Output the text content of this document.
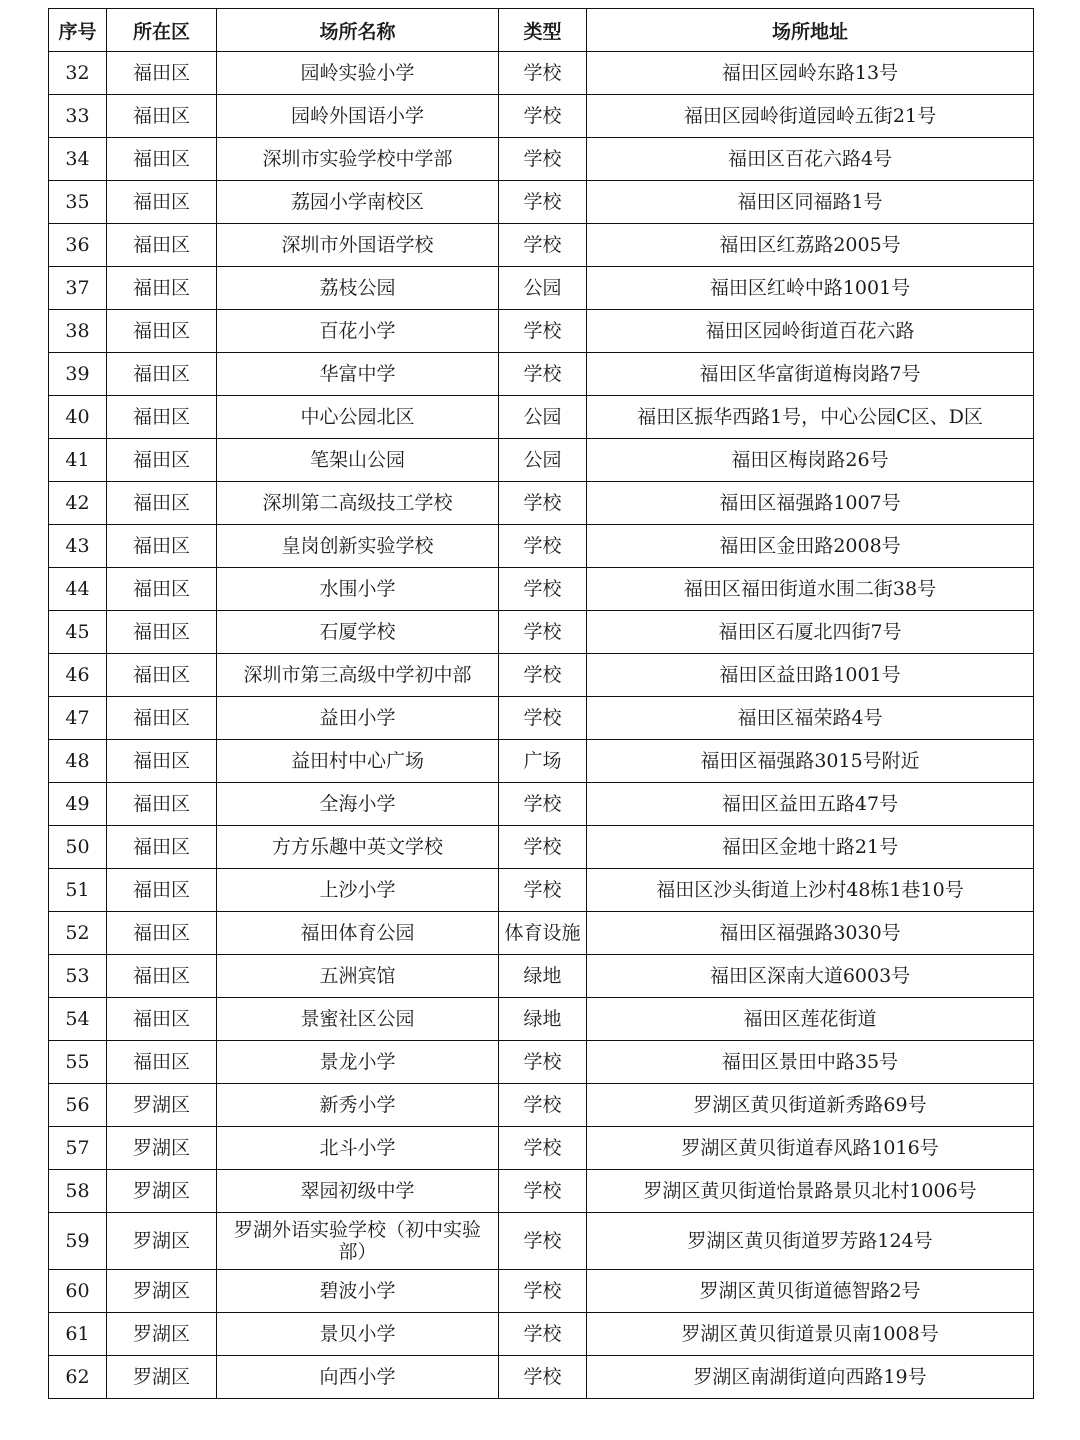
序号	所在区	场所名称	类型	场所地址
32	福田区	园岭实验小学	学校	福田区园岭东路13号
33	福田区	园岭外国语小学	学校	福田区园岭街道园岭五街21号
34	福田区	深圳市实验学校中学部	学校	福田区百花六路4号
35	福田区	荔园小学南校区	学校	福田区同福路1号
36	福田区	深圳市外国语学校	学校	福田区红荔路2005号
37	福田区	荔枝公园	公园	福田区红岭中路1001号
38	福田区	百花小学	学校	福田区园岭街道百花六路
39	福田区	华富中学	学校	福田区华富街道梅岗路7号
40	福田区	中心公园北区	公园	福田区振华西路1号，中心公园C区、D区
41	福田区	笔架山公园	公园	福田区梅岗路26号
42	福田区	深圳第二高级技工学校	学校	福田区福强路1007号
43	福田区	皇岗创新实验学校	学校	福田区金田路2008号
44	福田区	水围小学	学校	福田区福田街道水围二街38号
45	福田区	石厦学校	学校	福田区石厦北四街7号
46	福田区	深圳市第三高级中学初中部	学校	福田区益田路1001号
47	福田区	益田小学	学校	福田区福荣路4号
48	福田区	益田村中心广场	广场	福田区福强路3015号附近
49	福田区	全海小学	学校	福田区益田五路47号
50	福田区	方方乐趣中英文学校	学校	福田区金地十路21号
51	福田区	上沙小学	学校	福田区沙头街道上沙村48栋1巷10号
52	福田区	福田体育公园	体育设施	福田区福强路3030号
53	福田区	五洲宾馆	绿地	福田区深南大道6003号
54	福田区	景蜜社区公园	绿地	福田区莲花街道
55	福田区	景龙小学	学校	福田区景田中路35号
56	罗湖区	新秀小学	学校	罗湖区黄贝街道新秀路69号
57	罗湖区	北斗小学	学校	罗湖区黄贝街道春风路1016号
58	罗湖区	翠园初级中学	学校	罗湖区黄贝街道怡景路景贝北村1006号
59	罗湖区	罗湖外语实验学校（初中实验部）	学校	罗湖区黄贝街道罗芳路124号
60	罗湖区	碧波小学	学校	罗湖区黄贝街道德智路2号
61	罗湖区	景贝小学	学校	罗湖区黄贝街道景贝南1008号
62	罗湖区	向西小学	学校	罗湖区南湖街道向西路19号
